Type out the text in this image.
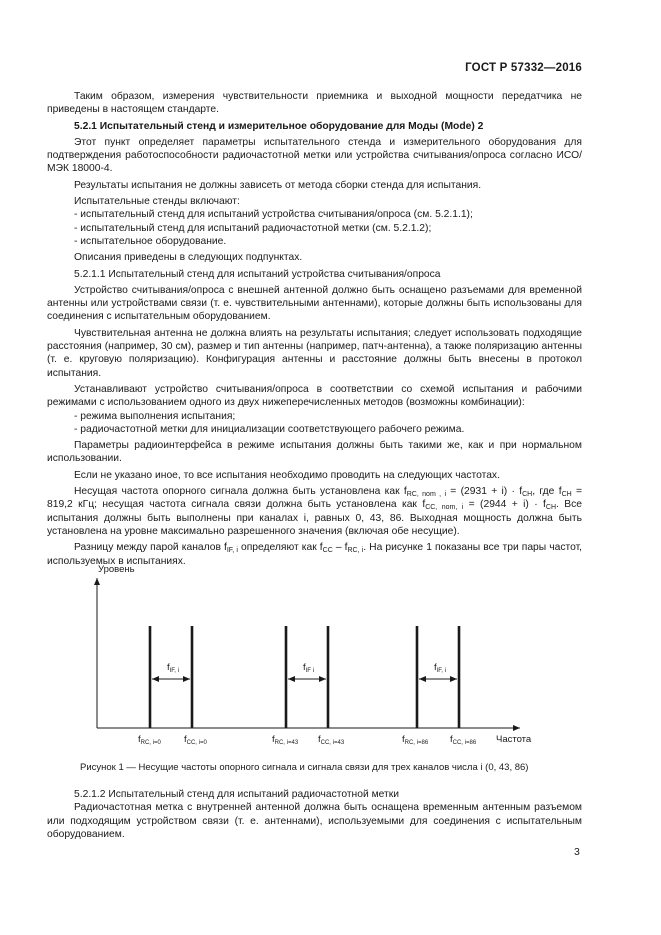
ГОСТ Р 57332—2016

Таким образом, измерения чувствительности приемника и выходной мощности передатчика не приведены в настоящем стандарте.

5.2.1 Испытательный стенд и измерительное оборудование для Моды (Mode) 2

Этот пункт определяет параметры испытательного стенда и измерительного оборудования для подтверждения работоспособности радиочастотной метки или устройства считывания/опроса согласно ИСО/МЭК 18000-4.

Результаты испытания не должны зависеть от метода сборки стенда для испытания.

Испытательные стенды включают:

- испытательный стенд для испытаний устройства считывания/опроса (см. 5.2.1.1);

- испытательный стенд для испытаний радиочастотной метки (см. 5.2.1.2);

- испытательное оборудование.

Описания приведены в следующих подпунктах.

5.2.1.1 Испытательный стенд для испытаний устройства считывания/опроса

Устройство считывания/опроса с внешней антенной должно быть оснащено разъемами для временной антенны или устройствами связи (т. е. чувствительными антеннами), которые должны быть использованы для соединения с испытательным оборудованием.

Чувствительная антенна не должна влиять на результаты испытания; следует использовать подходящие расстояния (например, 30 см), размер и тип антенны (например, патч-антенна), а также поляризацию антенны (т. е. круговую поляризацию). Конфигурация антенны и расстояние должны быть внесены в протокол испытания.

Устанавливают устройство считывания/опроса в соответствии со схемой испытания и рабочими режимами с использованием одного из двух нижеперечисленных методов (возможны комбинации):

- режима выполнения испытания;

- радиочастотной метки для инициализации соответствующего рабочего режима.

Параметры радиоинтерфейса в режиме испытания должны быть такими же, как и при нормальном использовании.

Если не указано иное, то все испытания необходимо проводить на следующих частотах.

Несущая частота опорного сигнала должна быть установлена как $f_{RC, nom , i} = (2931 + i) \cdot f_{CH}$, где $f_{CH} = 819,2$ кГц; несущая частота сигнала связи должна быть установлена как $f_{CC, nom, i} = (2944 + i) \cdot f_{CH}$. Все испытания должны быть выполнены при каналах i, равных 0, 43, 86. Выходная мощность должна быть установлена на уровне максимально разрешенного значения (включая обе несущие).

Разницу между парой каналов $f_{IF, i}$ определяют как $f_{CC} - f_{RC, i}$. На рисунке 1 показаны все три пары частот, используемых в испытаниях.

Уровень
Частота
$f_{IF, i}$	$f_{IF i}$	$f_{IF, i}$
$f_{RC, i=0}$ $f_{CC, i=0}$	$f_{RC, i=43}$ $f_{CC, i=43}$	$f_{RC, i=86}$ $f_{CC, i=86}$
Рисунок 1 — Несущие частоты опорного сигнала и сигнала связи для трех каналов числа i (0, 43, 86)

5.2.1.2 Испытательный стенд для испытаний радиочастотной метки

Радиочастотная метка с внутренней антенной должна быть оснащена временным антенным разъемом или подходящим устройством связи (т. е. антеннами), используемыми для соединения с испытательным оборудованием.

3
